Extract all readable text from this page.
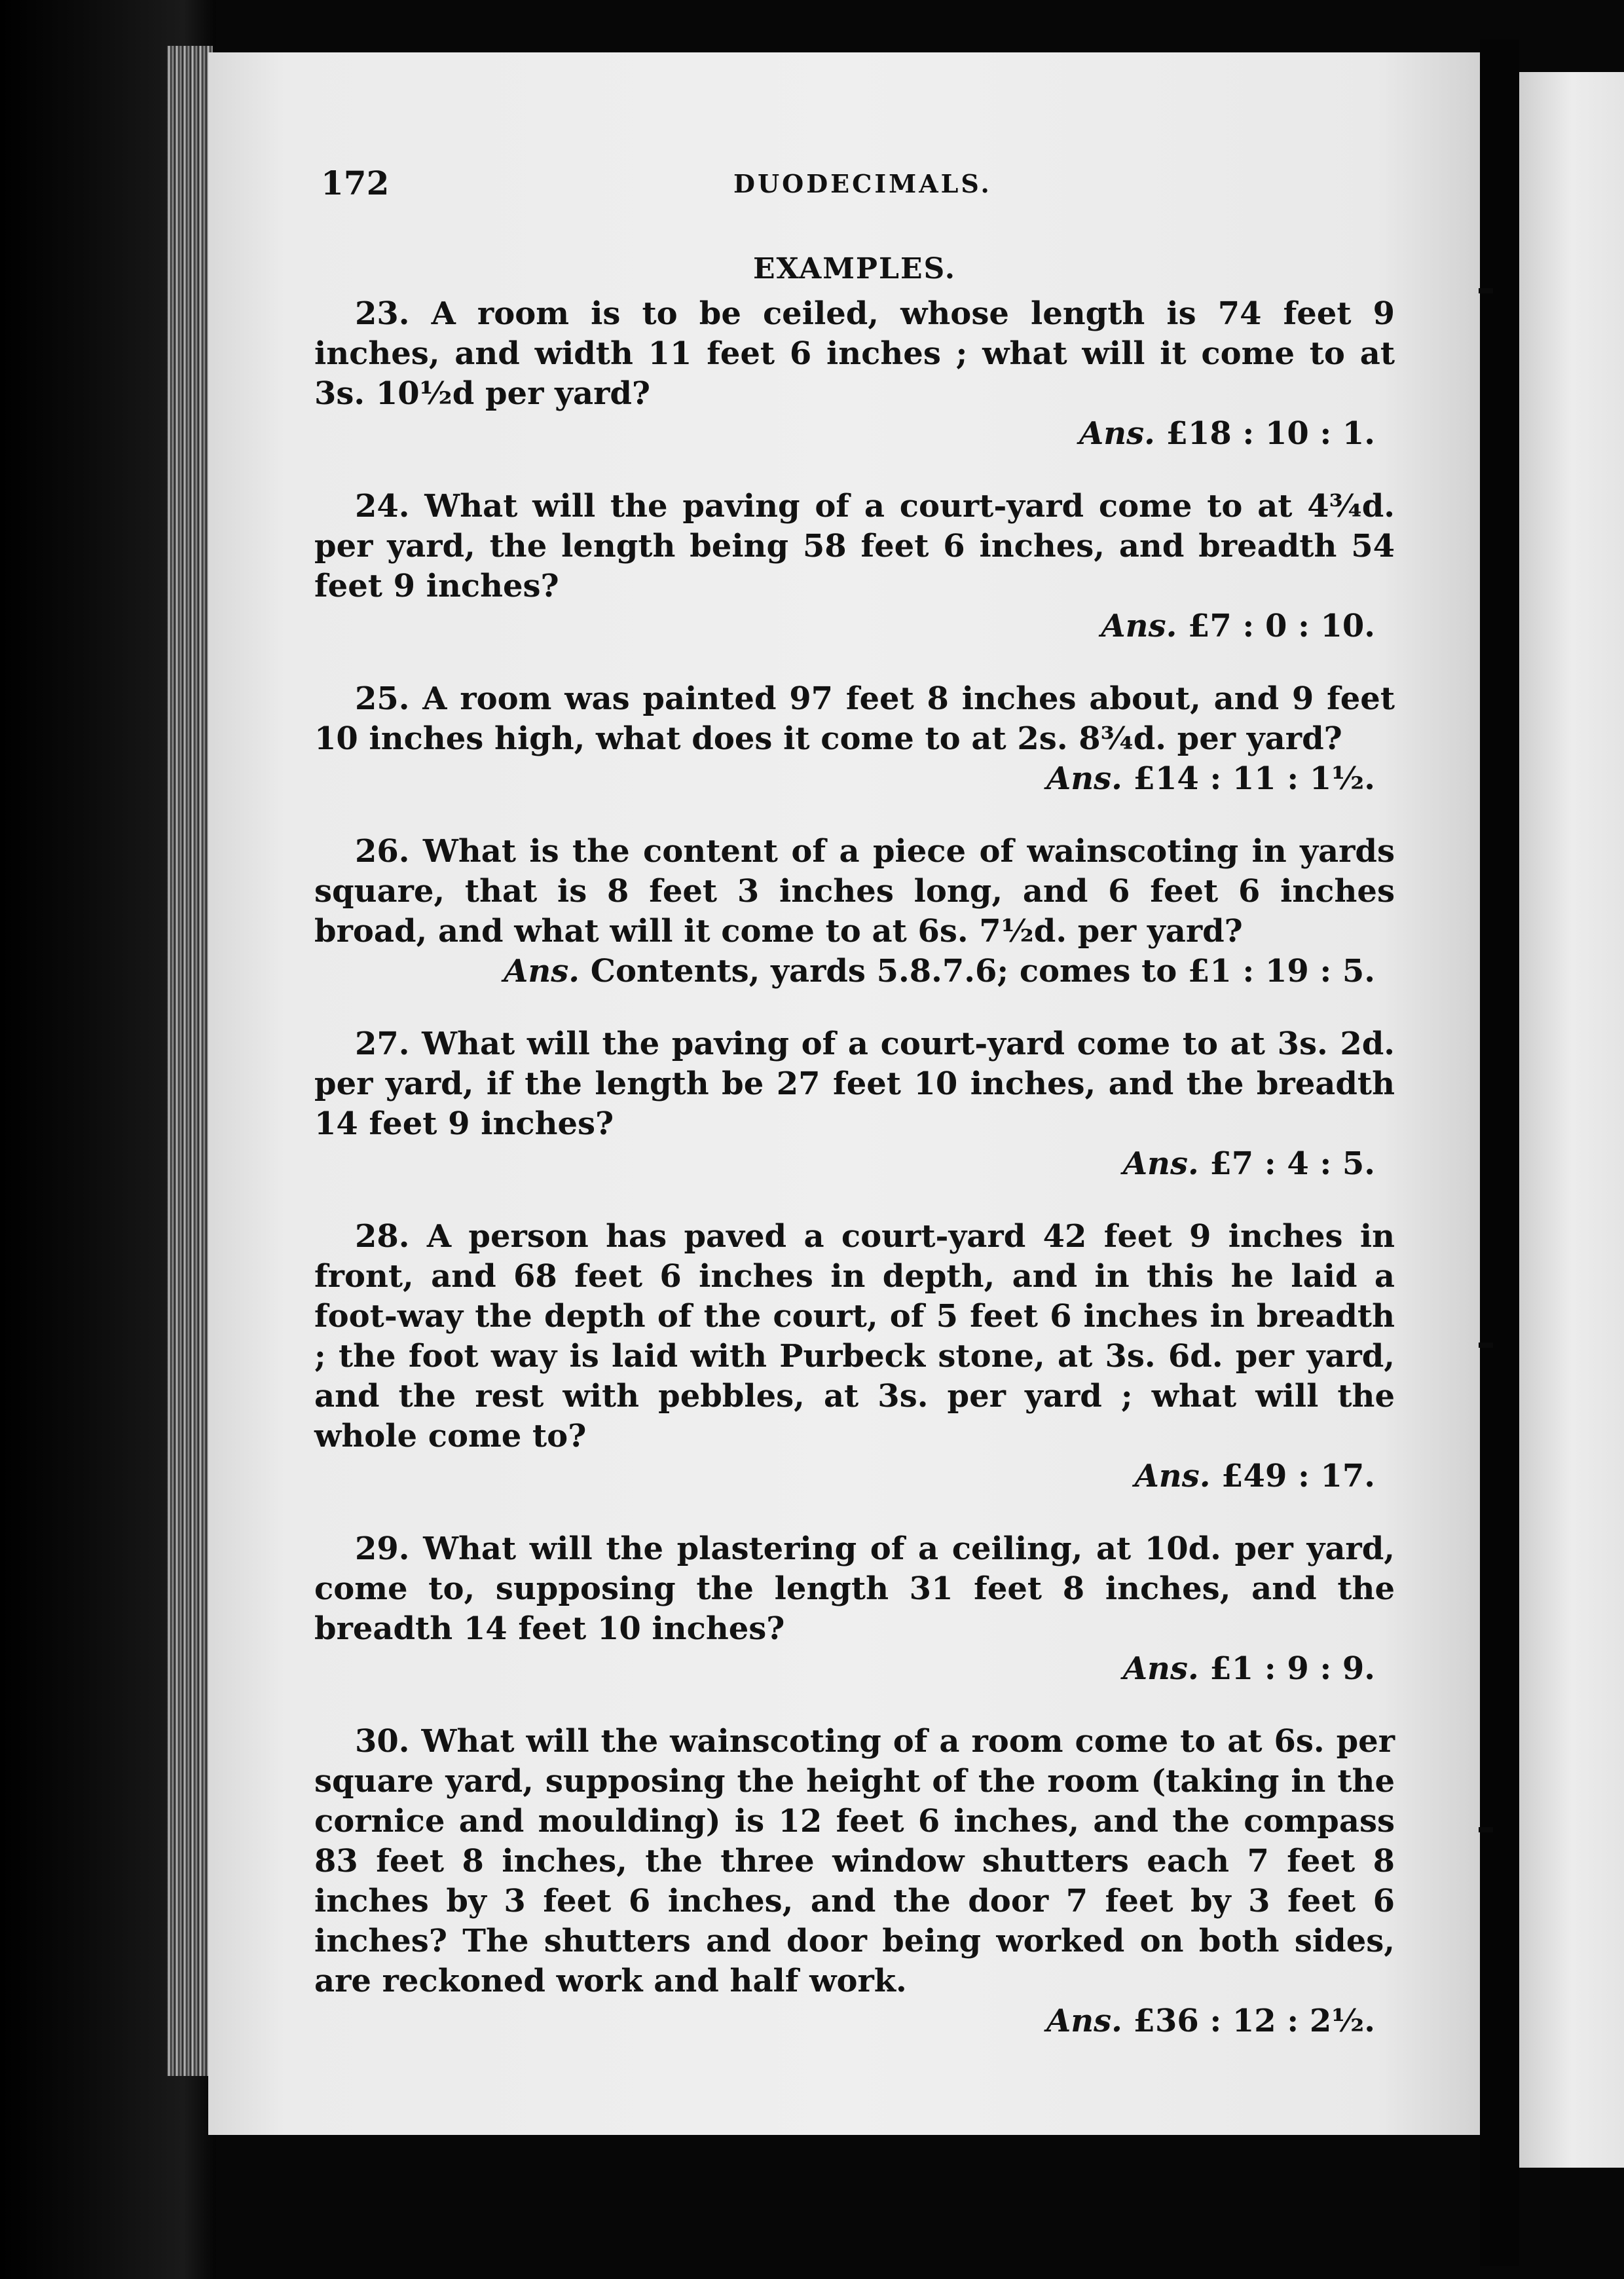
172	DUODECIMALS.
EXAMPLES.
23. A room is to be ceiled, whose length is 74 feet 9 inches, and width 11 feet 6 inches ; what will it come to at 3s. 10½d per yard?
Ans. £18 : 10 : 1.
24. What will the paving of a court-yard come to at 4¾d. per yard, the length being 58 feet 6 inches, and breadth 54 feet 9 inches?
Ans. £7 : 0 : 10.
25. A room was painted 97 feet 8 inches about, and 9 feet 10 inches high, what does it come to at 2s. 8¾d. per yard?
Ans. £14 : 11 : 1½.
26. What is the content of a piece of wainscoting in yards square, that is 8 feet 3 inches long, and 6 feet 6 inches broad, and what will it come to at 6s. 7½d. per yard?
Ans. Contents, yards 5.8.7.6; comes to £1 : 19 : 5.
27. What will the paving of a court-yard come to at 3s. 2d. per yard, if the length be 27 feet 10 inches, and the breadth 14 feet 9 inches?
Ans. £7 : 4 : 5.
28. A person has paved a court-yard 42 feet 9 inches in front, and 68 feet 6 inches in depth, and in this he laid a foot-way the depth of the court, of 5 feet 6 inches in breadth ; the foot way is laid with Purbeck stone, at 3s. 6d. per yard, and the rest with pebbles, at 3s. per yard ; what will the whole come to?
Ans. £49 : 17.
29. What will the plastering of a ceiling, at 10d. per yard, come to, supposing the length 31 feet 8 inches, and the breadth 14 feet 10 inches?
Ans. £1 : 9 : 9.
30. What will the wainscoting of a room come to at 6s. per square yard, supposing the height of the room (taking in the cornice and moulding) is 12 feet 6 inches, and the compass 83 feet 8 inches, the three window shutters each 7 feet 8 inches by 3 feet 6 inches, and the door 7 feet by 3 feet 6 inches? The shutters and door being worked on both sides, are reckoned work and half work.
Ans. £36 : 12 : 2½.
